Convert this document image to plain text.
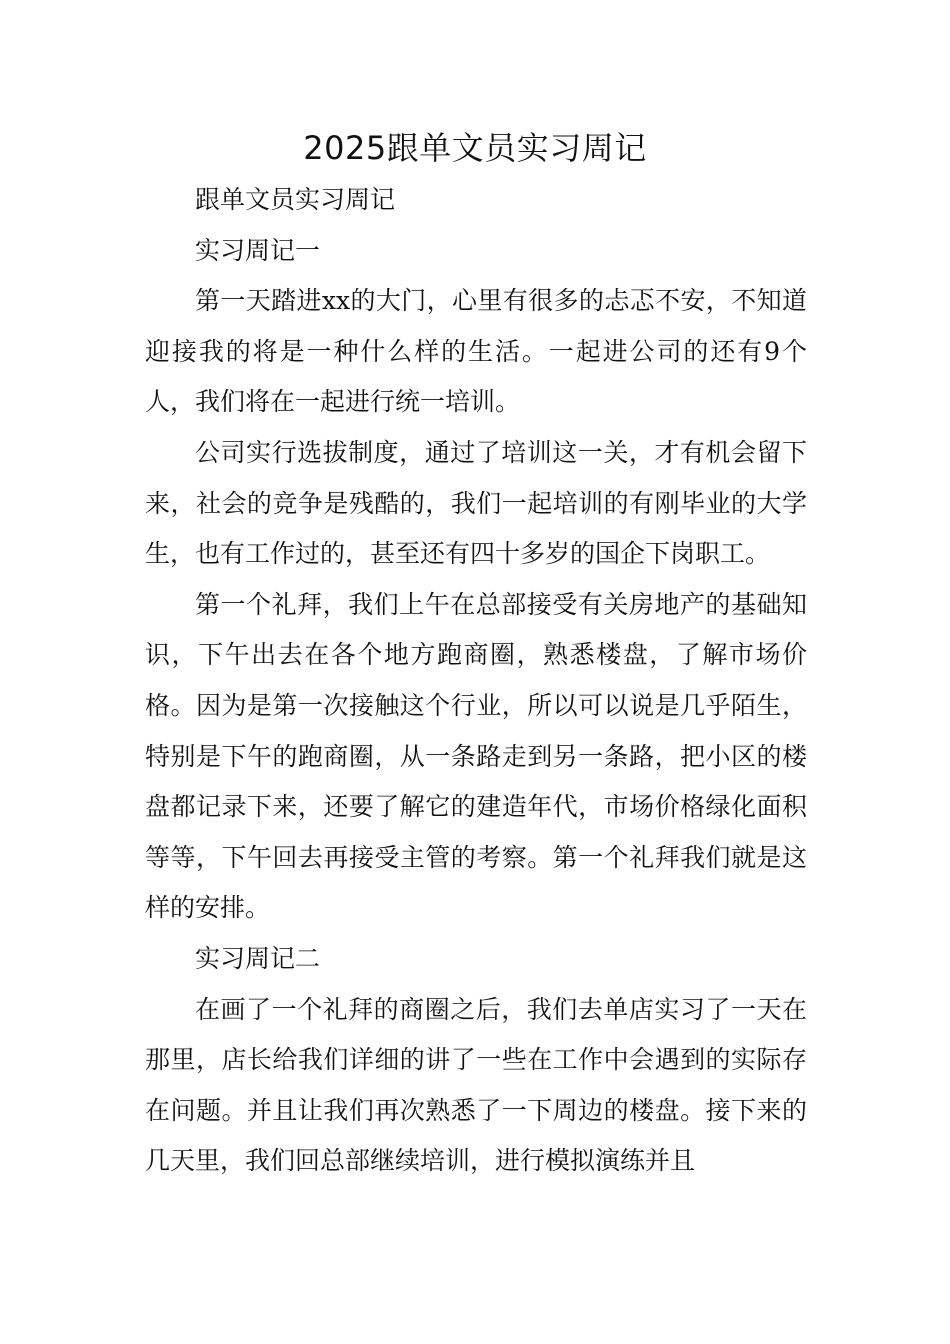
2025跟单文员实习周记

跟单文员实习周记

实习周记一

第一天踏进xx的大门，心里有很多的忐忑不安，不知道迎接我的将是一种什么样的生活。一起进公司的还有9个人，我们将在一起进行统一培训。

公司实行选拔制度，通过了培训这一关，才有机会留下来，社会的竞争是残酷的，我们一起培训的有刚毕业的大学生，也有工作过的，甚至还有四十多岁的国企下岗职工。

第一个礼拜，我们上午在总部接受有关房地产的基础知识，下午出去在各个地方跑商圈，熟悉楼盘，了解市场价格。因为是第一次接触这个行业，所以可以说是几乎陌生，特别是下午的跑商圈，从一条路走到另一条路，把小区的楼盘都记录下来，还要了解它的建造年代，市场价格绿化面积等等，下午回去再接受主管的考察。第一个礼拜我们就是这样的安排。

实习周记二

在画了一个礼拜的商圈之后，我们去单店实习了一天在那里，店长给我们详细的讲了一些在工作中会遇到的实际存在问题。并且让我们再次熟悉了一下周边的楼盘。接下来的几天里，我们回总部继续培训，进行模拟演练并且
